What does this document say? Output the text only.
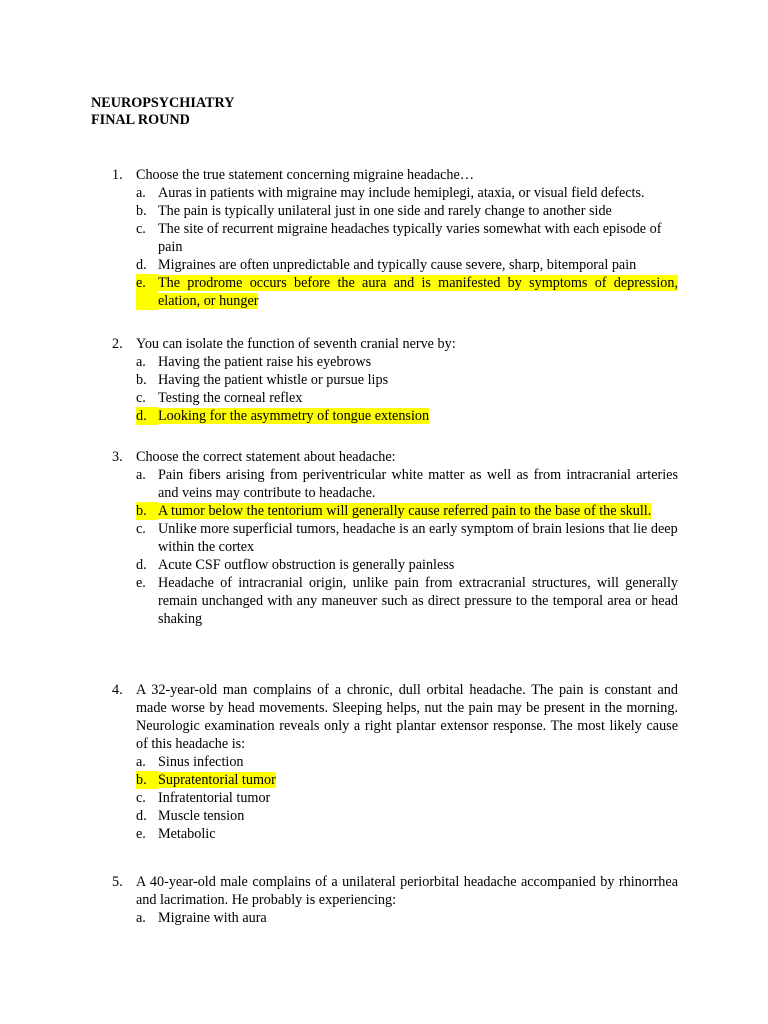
NEUROPSYCHIATRY
FINAL ROUND
1. Choose the true statement concerning migraine headache…
a. Auras in patients with migraine may include hemiplegi, ataxia, or visual field defects.
b. The pain is typically unilateral just in one side and rarely change to another side
c. The site of recurrent migraine headaches typically varies somewhat with each episode of pain
d. Migraines are often unpredictable and typically cause severe, sharp, bitemporal pain
e. The prodrome occurs before the aura and is manifested by symptoms of depression, elation, or hunger
2. You can isolate the function of seventh cranial nerve by:
a. Having the patient raise his eyebrows
b. Having the patient whistle or pursue lips
c. Testing the corneal reflex
d. Looking for the asymmetry of tongue extension
3. Choose the correct statement about headache:
a. Pain fibers arising from periventricular white matter as well as from intracranial arteries and veins may contribute to headache.
b. A tumor below the tentorium will generally cause referred pain to the base of the skull.
c. Unlike more superficial tumors, headache is an early symptom of brain lesions that lie deep within the cortex
d. Acute CSF outflow obstruction is generally painless
e. Headache of intracranial origin, unlike pain from extracranial structures, will generally remain unchanged with any maneuver such as direct pressure to the temporal area or head shaking
4. A 32-year-old man complains of a chronic, dull orbital headache. The pain is constant and made worse by head movements. Sleeping helps, nut the pain may be present in the morning. Neurologic examination reveals only a right plantar extensor response. The most likely cause of this headache is:
a. Sinus infection
b. Supratentorial tumor
c. Infratentorial tumor
d. Muscle tension
e. Metabolic
5. A 40-year-old male complains of a unilateral periorbital headache accompanied by rhinorrhea and lacrimation. He probably is experiencing:
a. Migraine with aura
